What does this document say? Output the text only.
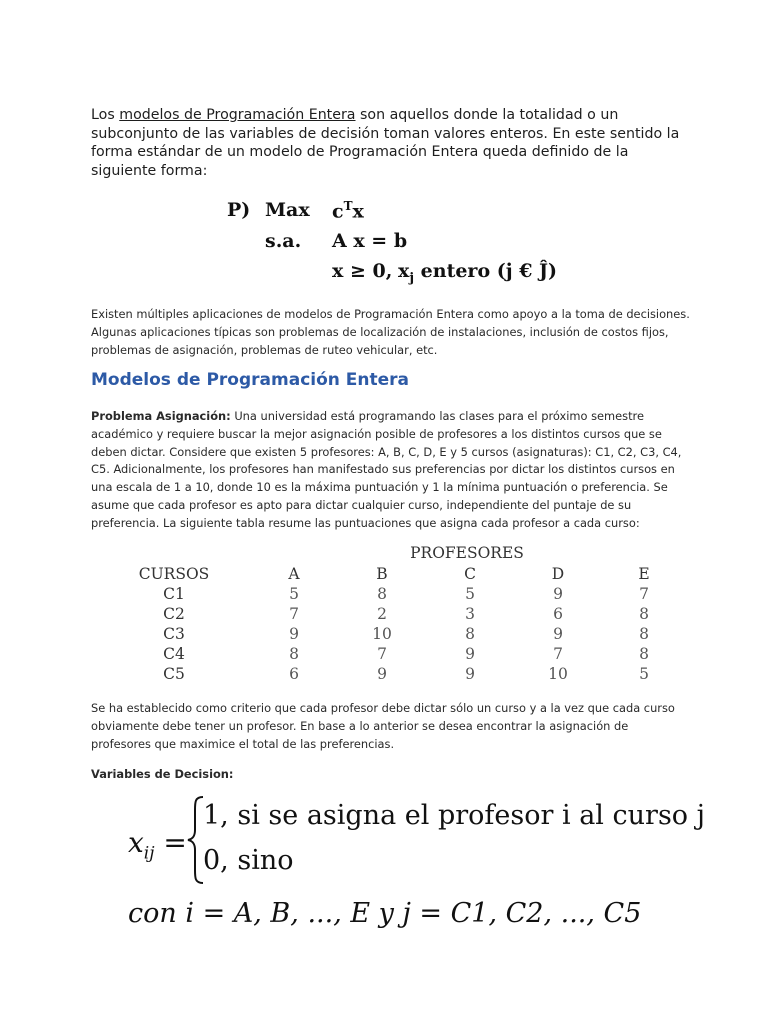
Los modelos de Programación Entera son aquellos donde la totalidad o un subconjunto de las variables de decisión toman valores enteros. En este sentido la forma estándar de un modelo de Programación Entera queda definido de la siguiente forma:
P) Max $c^Tx$
s.a. A x = b
x ≥ 0, $x_j$ entero (j € Ĵ)
Existen múltiples aplicaciones de modelos de Programación Entera como apoyo a la toma de decisiones. Algunas aplicaciones típicas son problemas de localización de instalaciones, inclusión de costos fijos, problemas de asignación, problemas de ruteo vehicular, etc.
Modelos de Programación Entera
Problema Asignación: Una universidad está programando las clases para el próximo semestre académico y requiere buscar la mejor asignación posible de profesores a los distintos cursos que se deben dictar. Considere que existen 5 profesores: A, B, C, D, E y 5 cursos (asignaturas): C1, C2, C3, C4, C5. Adicionalmente, los profesores han manifestado sus preferencias por dictar los distintos cursos en una escala de 1 a 10, donde 10 es la máxima puntuación y 1 la mínima puntuación o preferencia. Se asume que cada profesor es apto para dictar cualquier curso, independiente del puntaje de su preferencia. La siguiente tabla resume las puntuaciones que asigna cada profesor a cada curso:
PROFESORES
CURSOS	A	B	C	D	E
C1	5	8	5	9	7
C2	7	2	3	6	8
C3	9	10	8	9	8
C4	8	7	9	7	8
C5	6	9	9	10	5
Se ha establecido como criterio que cada profesor debe dictar sólo un curso y a la vez que cada curso obviamente debe tener un profesor. En base a lo anterior se desea encontrar la asignación de profesores que maximice el total de las preferencias.
Variables de Decision:
$x_{ij}$ =
1, si se asigna el profesor i al curso j
0, sino
con i = A, B, ..., E y j = C1, C2, ..., C5
